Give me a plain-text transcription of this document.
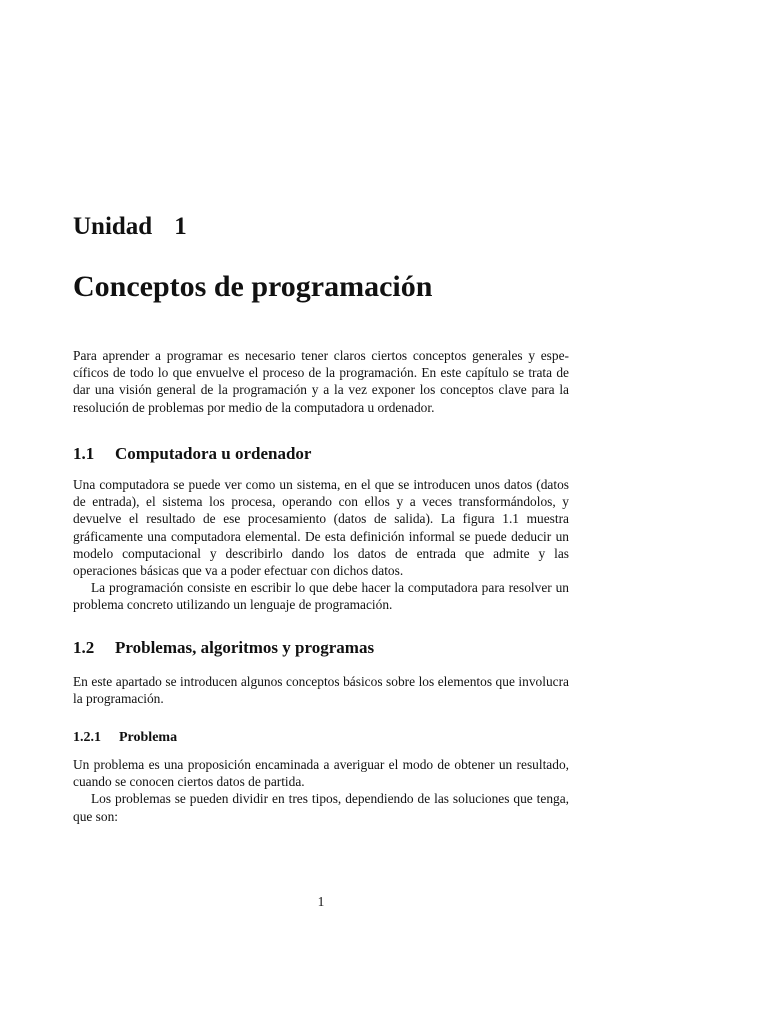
Unidad 1
Conceptos de programación

Para aprender a programar es necesario tener claros ciertos conceptos generales y específicos de todo lo que envuelve el proceso de la programación. En este capítulo se trata de dar una visión general de la programación y a la vez exponer los conceptos clave para la resolución de problemas por medio de la computadora u ordenador.

1.1 Computadora u ordenador

Una computadora se puede ver como un sistema, en el que se introducen unos datos (datos de entrada), el sistema los procesa, operando con ellos y a veces transformándolos, y devuelve el resultado de ese procesamiento (datos de salida). La figura 1.1 muestra gráficamente una computadora elemental. De esta definición informal se puede deducir un modelo computacional y describirlo dando los datos de entrada que admite y las operaciones básicas que va a poder efectuar con dichos datos.

La programación consiste en escribir lo que debe hacer la computadora para resolver un problema concreto utilizando un lenguaje de programación.

1.2 Problemas, algoritmos y programas

En este apartado se introducen algunos conceptos básicos sobre los elementos que involucra la programación.

1.2.1 Problema

Un problema es una proposición encaminada a averiguar el modo de obtener un resultado, cuando se conocen ciertos datos de partida.

Los problemas se pueden dividir en tres tipos, dependiendo de las soluciones que tenga, que son:

1
